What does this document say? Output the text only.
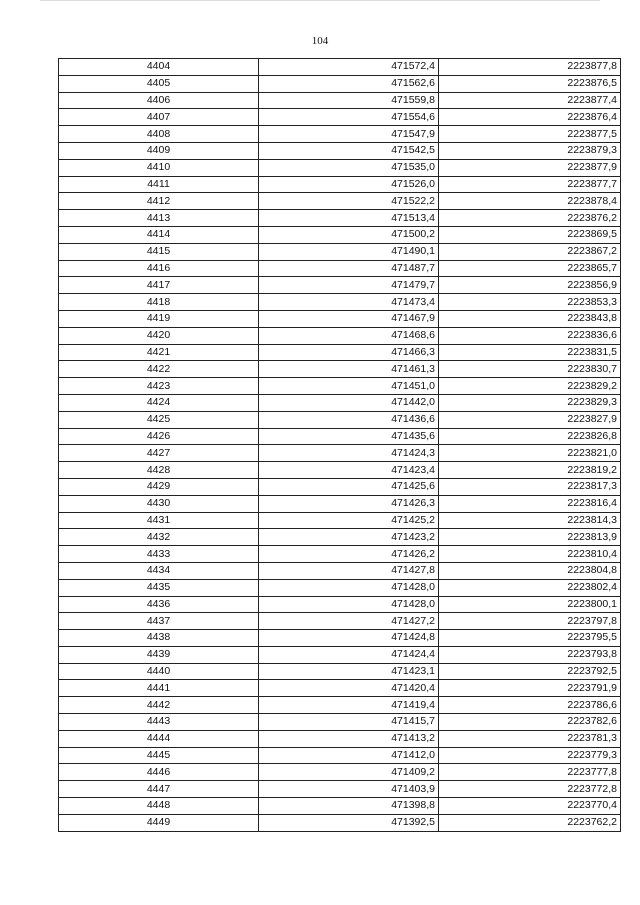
104
4404	471572,4	2223877,8
4405	471562,6	2223876,5
4406	471559,8	2223877,4
4407	471554,6	2223876,4
4408	471547,9	2223877,5
4409	471542,5	2223879,3
4410	471535,0	2223877,9
4411	471526,0	2223877,7
4412	471522,2	2223878,4
4413	471513,4	2223876,2
4414	471500,2	2223869,5
4415	471490,1	2223867,2
4416	471487,7	2223865,7
4417	471479,7	2223856,9
4418	471473,4	2223853,3
4419	471467,9	2223843,8
4420	471468,6	2223836,6
4421	471466,3	2223831,5
4422	471461,3	2223830,7
4423	471451,0	2223829,2
4424	471442,0	2223829,3
4425	471436,6	2223827,9
4426	471435,6	2223826,8
4427	471424,3	2223821,0
4428	471423,4	2223819,2
4429	471425,6	2223817,3
4430	471426,3	2223816,4
4431	471425,2	2223814,3
4432	471423,2	2223813,9
4433	471426,2	2223810,4
4434	471427,8	2223804,8
4435	471428,0	2223802,4
4436	471428,0	2223800,1
4437	471427,2	2223797,8
4438	471424,8	2223795,5
4439	471424,4	2223793,8
4440	471423,1	2223792,5
4441	471420,4	2223791,9
4442	471419,4	2223786,6
4443	471415,7	2223782,6
4444	471413,2	2223781,3
4445	471412,0	2223779,3
4446	471409,2	2223777,8
4447	471403,9	2223772,8
4448	471398,8	2223770,4
4449	471392,5	2223762,2
